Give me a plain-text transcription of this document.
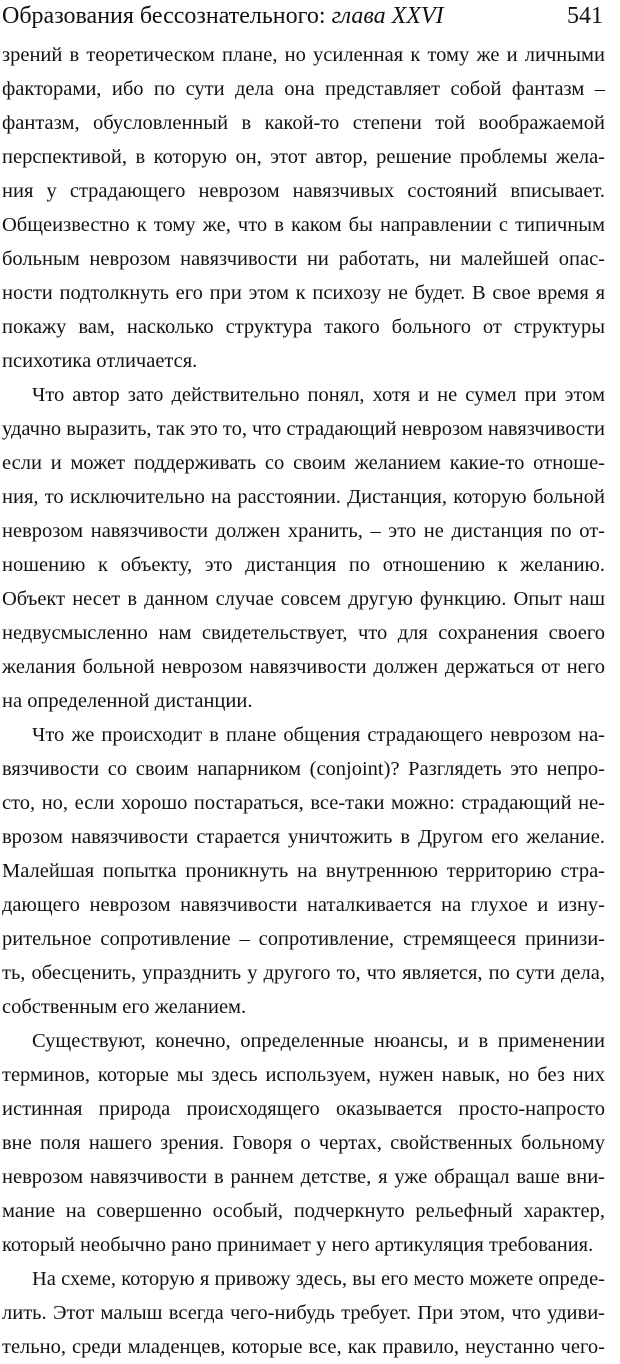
Образования бессознательного: глава XXVI	541
зрений в теоретическом плане, но усиленная к тому же и личными
факторами, ибо по сути дела она представляет собой фантазм –
фантазм, обусловленный в какой-то степени той воображаемой
перспективой, в которую он, этот автор, решение проблемы жела-
ния у страдающего неврозом навязчивых состояний вписывает.
Общеизвестно к тому же, что в каком бы направлении с типичным
больным неврозом навязчивости ни работать, ни малейшей опас-
ности подтолкнуть его при этом к психозу не будет. В свое время я
покажу вам, насколько структура такого больного от структуры
психотика отличается.
Что автор зато действительно понял, хотя и не сумел при этом
удачно выразить, так это то, что страдающий неврозом навязчивости
если и может поддерживать со своим желанием какие-то отноше-
ния, то исключительно на расстоянии. Дистанция, которую больной
неврозом навязчивости должен хранить, – это не дистанция по от-
ношению к объекту, это дистанция по отношению к желанию.
Объект несет в данном случае совсем другую функцию. Опыт наш
недвусмысленно нам свидетельствует, что для сохранения своего
желания больной неврозом навязчивости должен держаться от него
на определенной дистанции.
Что же происходит в плане общения страдающего неврозом на-
вязчивости со своим напарником (conjoint)? Разглядеть это непро-
сто, но, если хорошо постараться, все-таки можно: страдающий не-
врозом навязчивости старается уничтожить в Другом его желание.
Малейшая попытка проникнуть на внутреннюю территорию стра-
дающего неврозом навязчивости наталкивается на глухое и изну-
рительное сопротивление – сопротивление, стремящееся принизи-
ть, обесценить, упразднить у другого то, что является, по сути дела,
собственным его желанием.
Существуют, конечно, определенные нюансы, и в применении
терминов, которые мы здесь используем, нужен навык, но без них
истинная природа происходящего оказывается просто-напросто
вне поля нашего зрения. Говоря о чертах, свойственных больному
неврозом навязчивости в раннем детстве, я уже обращал ваше вни-
мание на совершенно особый, подчеркнуто рельефный характер,
который необычно рано принимает у него артикуляция требования.
На схеме, которую я привожу здесь, вы его место можете опреде-
лить. Этот малыш всегда чего-нибудь требует. При этом, что удиви-
тельно, среди младенцев, которые все, как правило, неустанно чего-
